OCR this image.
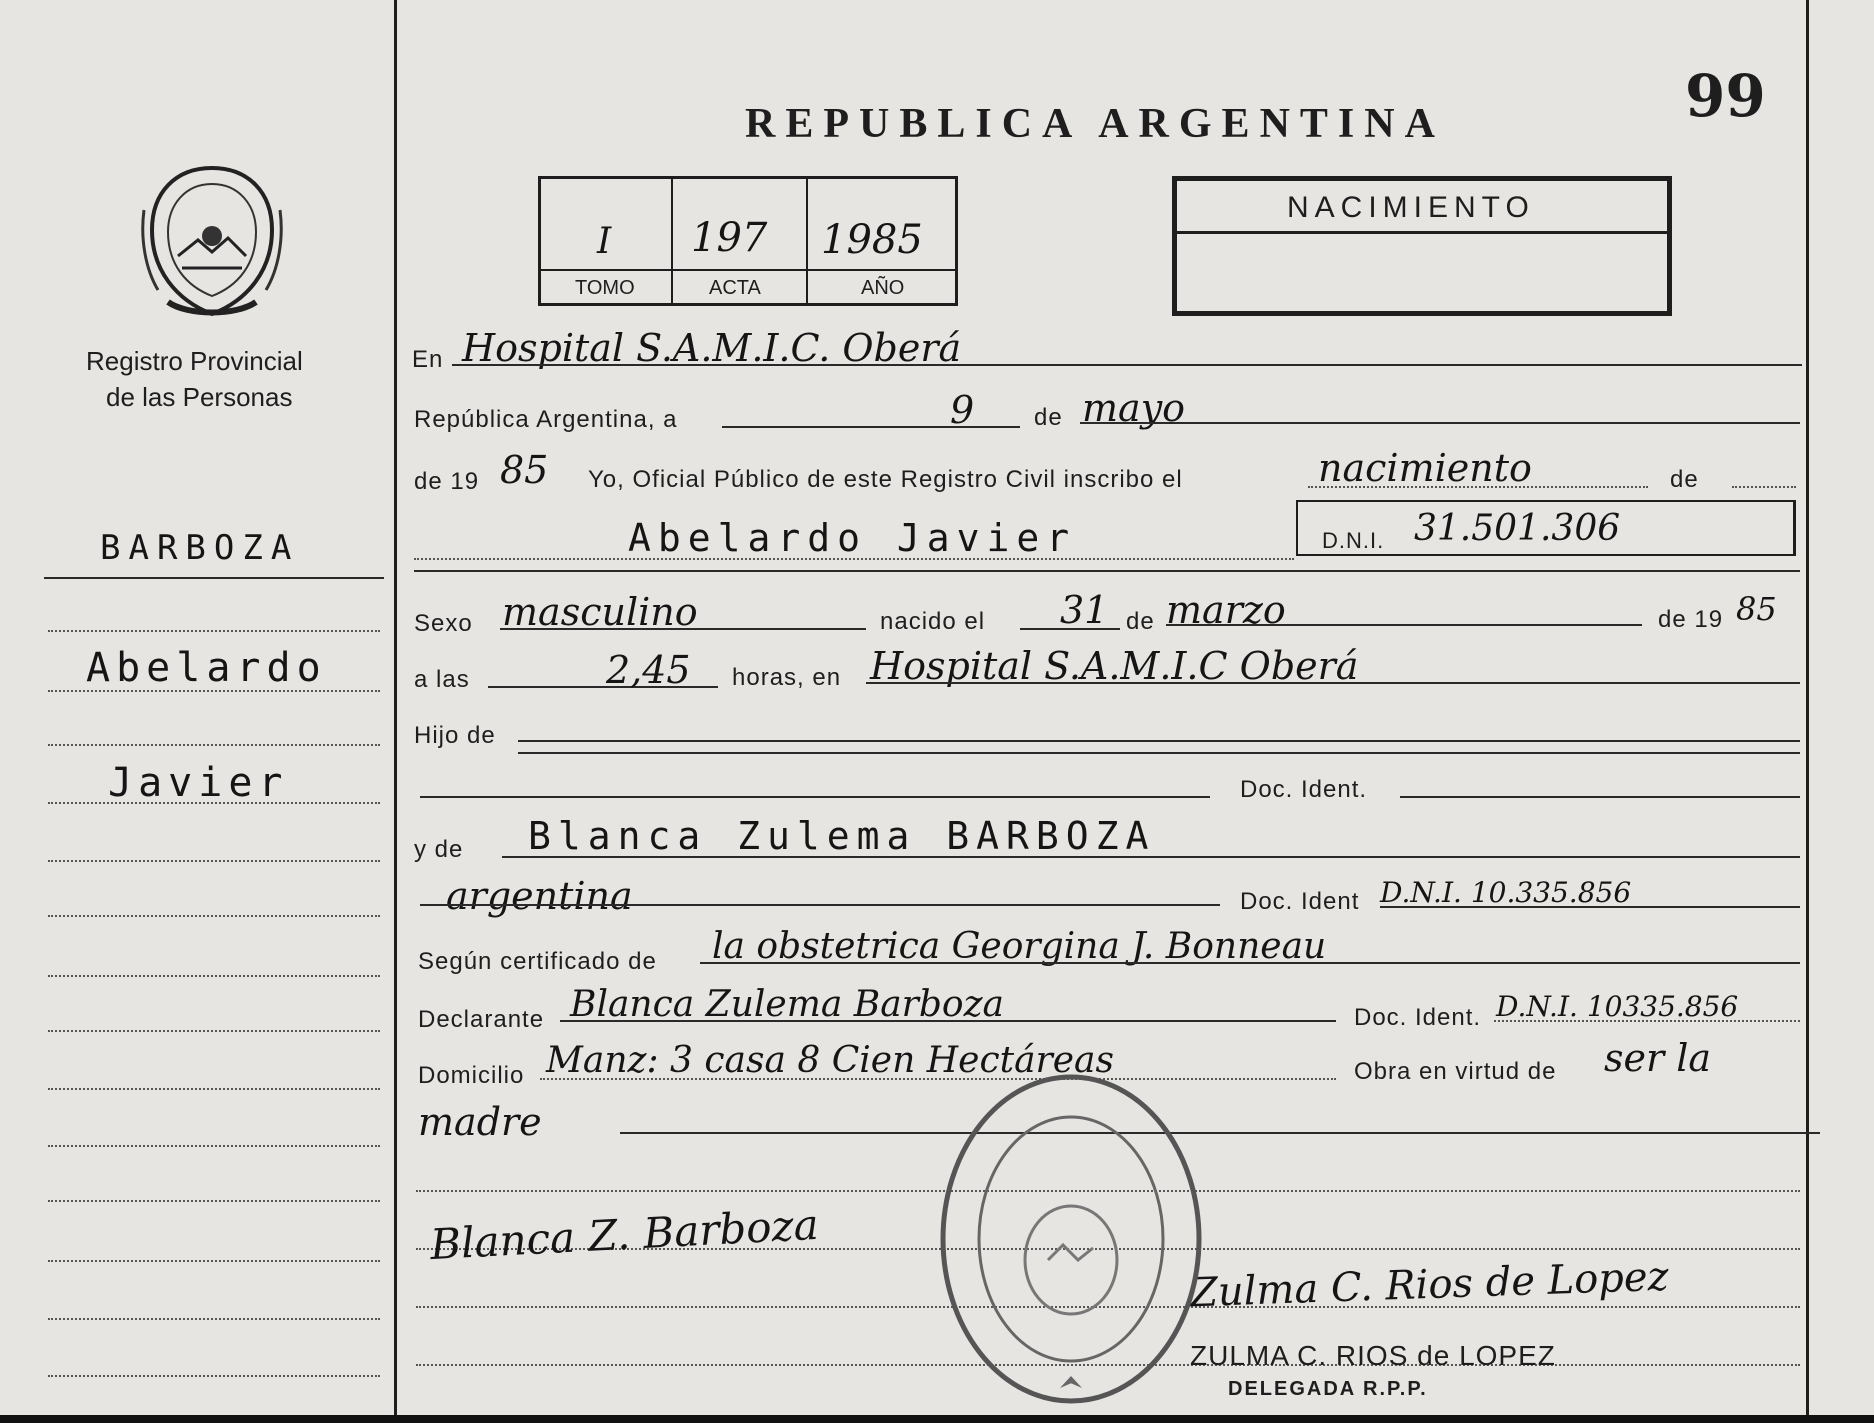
99
REPUBLICA ARGENTINA
Registro Provincial
de las Personas
BARBOZA
Abelardo
Javier
I 197 1985
TOMO	ACTA	AÑO
NACIMIENTO
En Hospital S.A.M.I.C. Oberá
República Argentina, a	9 de mayo
de 19 85 Yo, Oficial Público de este Registro Civil inscribo el	nacimiento	de
Abelardo Javier	D.N.I. 31.501.306
Sexo masculino	nacido el 31 de marzo	de 19 85
a las	2,45 horas, en Hospital S.A.M.I.C Oberá
Hijo de
Doc. Ident.
y de Blanca Zulema BARBOZA
argentina	Doc. Ident D.N.I. 10.335.856
Según certificado de la obstetrica Georgina J. Bonneau
Declarante Blanca Zulema Barboza	Doc. Ident. D.N.I. 10335.856
Domicilio Manz: 3 casa 8 Cien Hectáreas	Obra en virtud de ser la
madre
Blanca Z. Barboza
Zulma C. Rios de Lopez
ZULMA C. RIOS de LOPEZ
DELEGADA R.P.P.
